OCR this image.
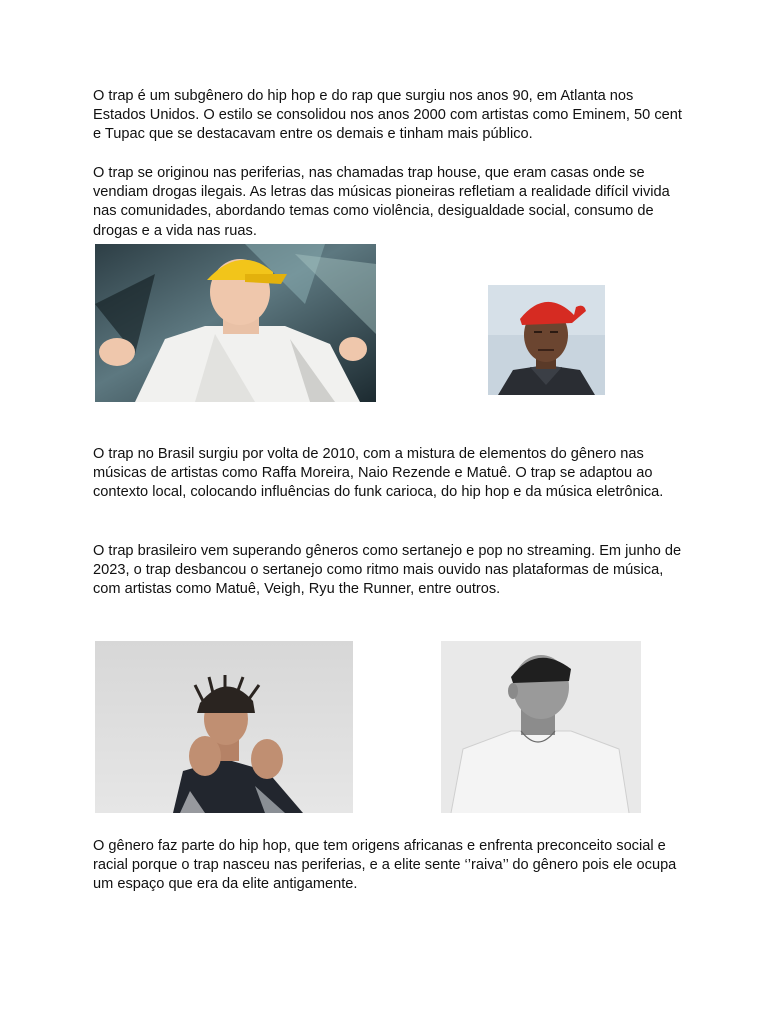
O trap é um subgênero do hip hop e do rap que surgiu nos anos 90, em Atlanta nos Estados Unidos. O estilo se consolidou nos anos 2000 com artistas como Eminem, 50 cent e Tupac que se destacavam entre os demais e tinham mais público.

O trap se originou nas periferias, nas chamadas trap house, que eram casas onde se vendiam drogas ilegais. As letras das músicas pioneiras refletiam a realidade difícil vivida nas comunidades, abordando temas como violência, desigualdade social, consumo de drogas e a vida nas ruas.

O trap no Brasil surgiu por volta de 2010, com a mistura de elementos do gênero nas músicas de artistas como Raffa Moreira, Naio Rezende e Matuê. O trap se adaptou ao contexto local, colocando influências do funk carioca, do hip hop e da música eletrônica.

O trap brasileiro vem superando gêneros como sertanejo e pop no streaming. Em junho de 2023, o trap desbancou o sertanejo como ritmo mais ouvido nas plataformas de música, com artistas como Matuê, Veigh, Ryu the Runner, entre outros.

O gênero faz parte do hip hop, que tem origens africanas e enfrenta preconceito social e racial porque o trap nasceu nas periferias, e a elite sente ‘’raiva’’ do gênero pois ele ocupa um espaço que era da elite antigamente.
